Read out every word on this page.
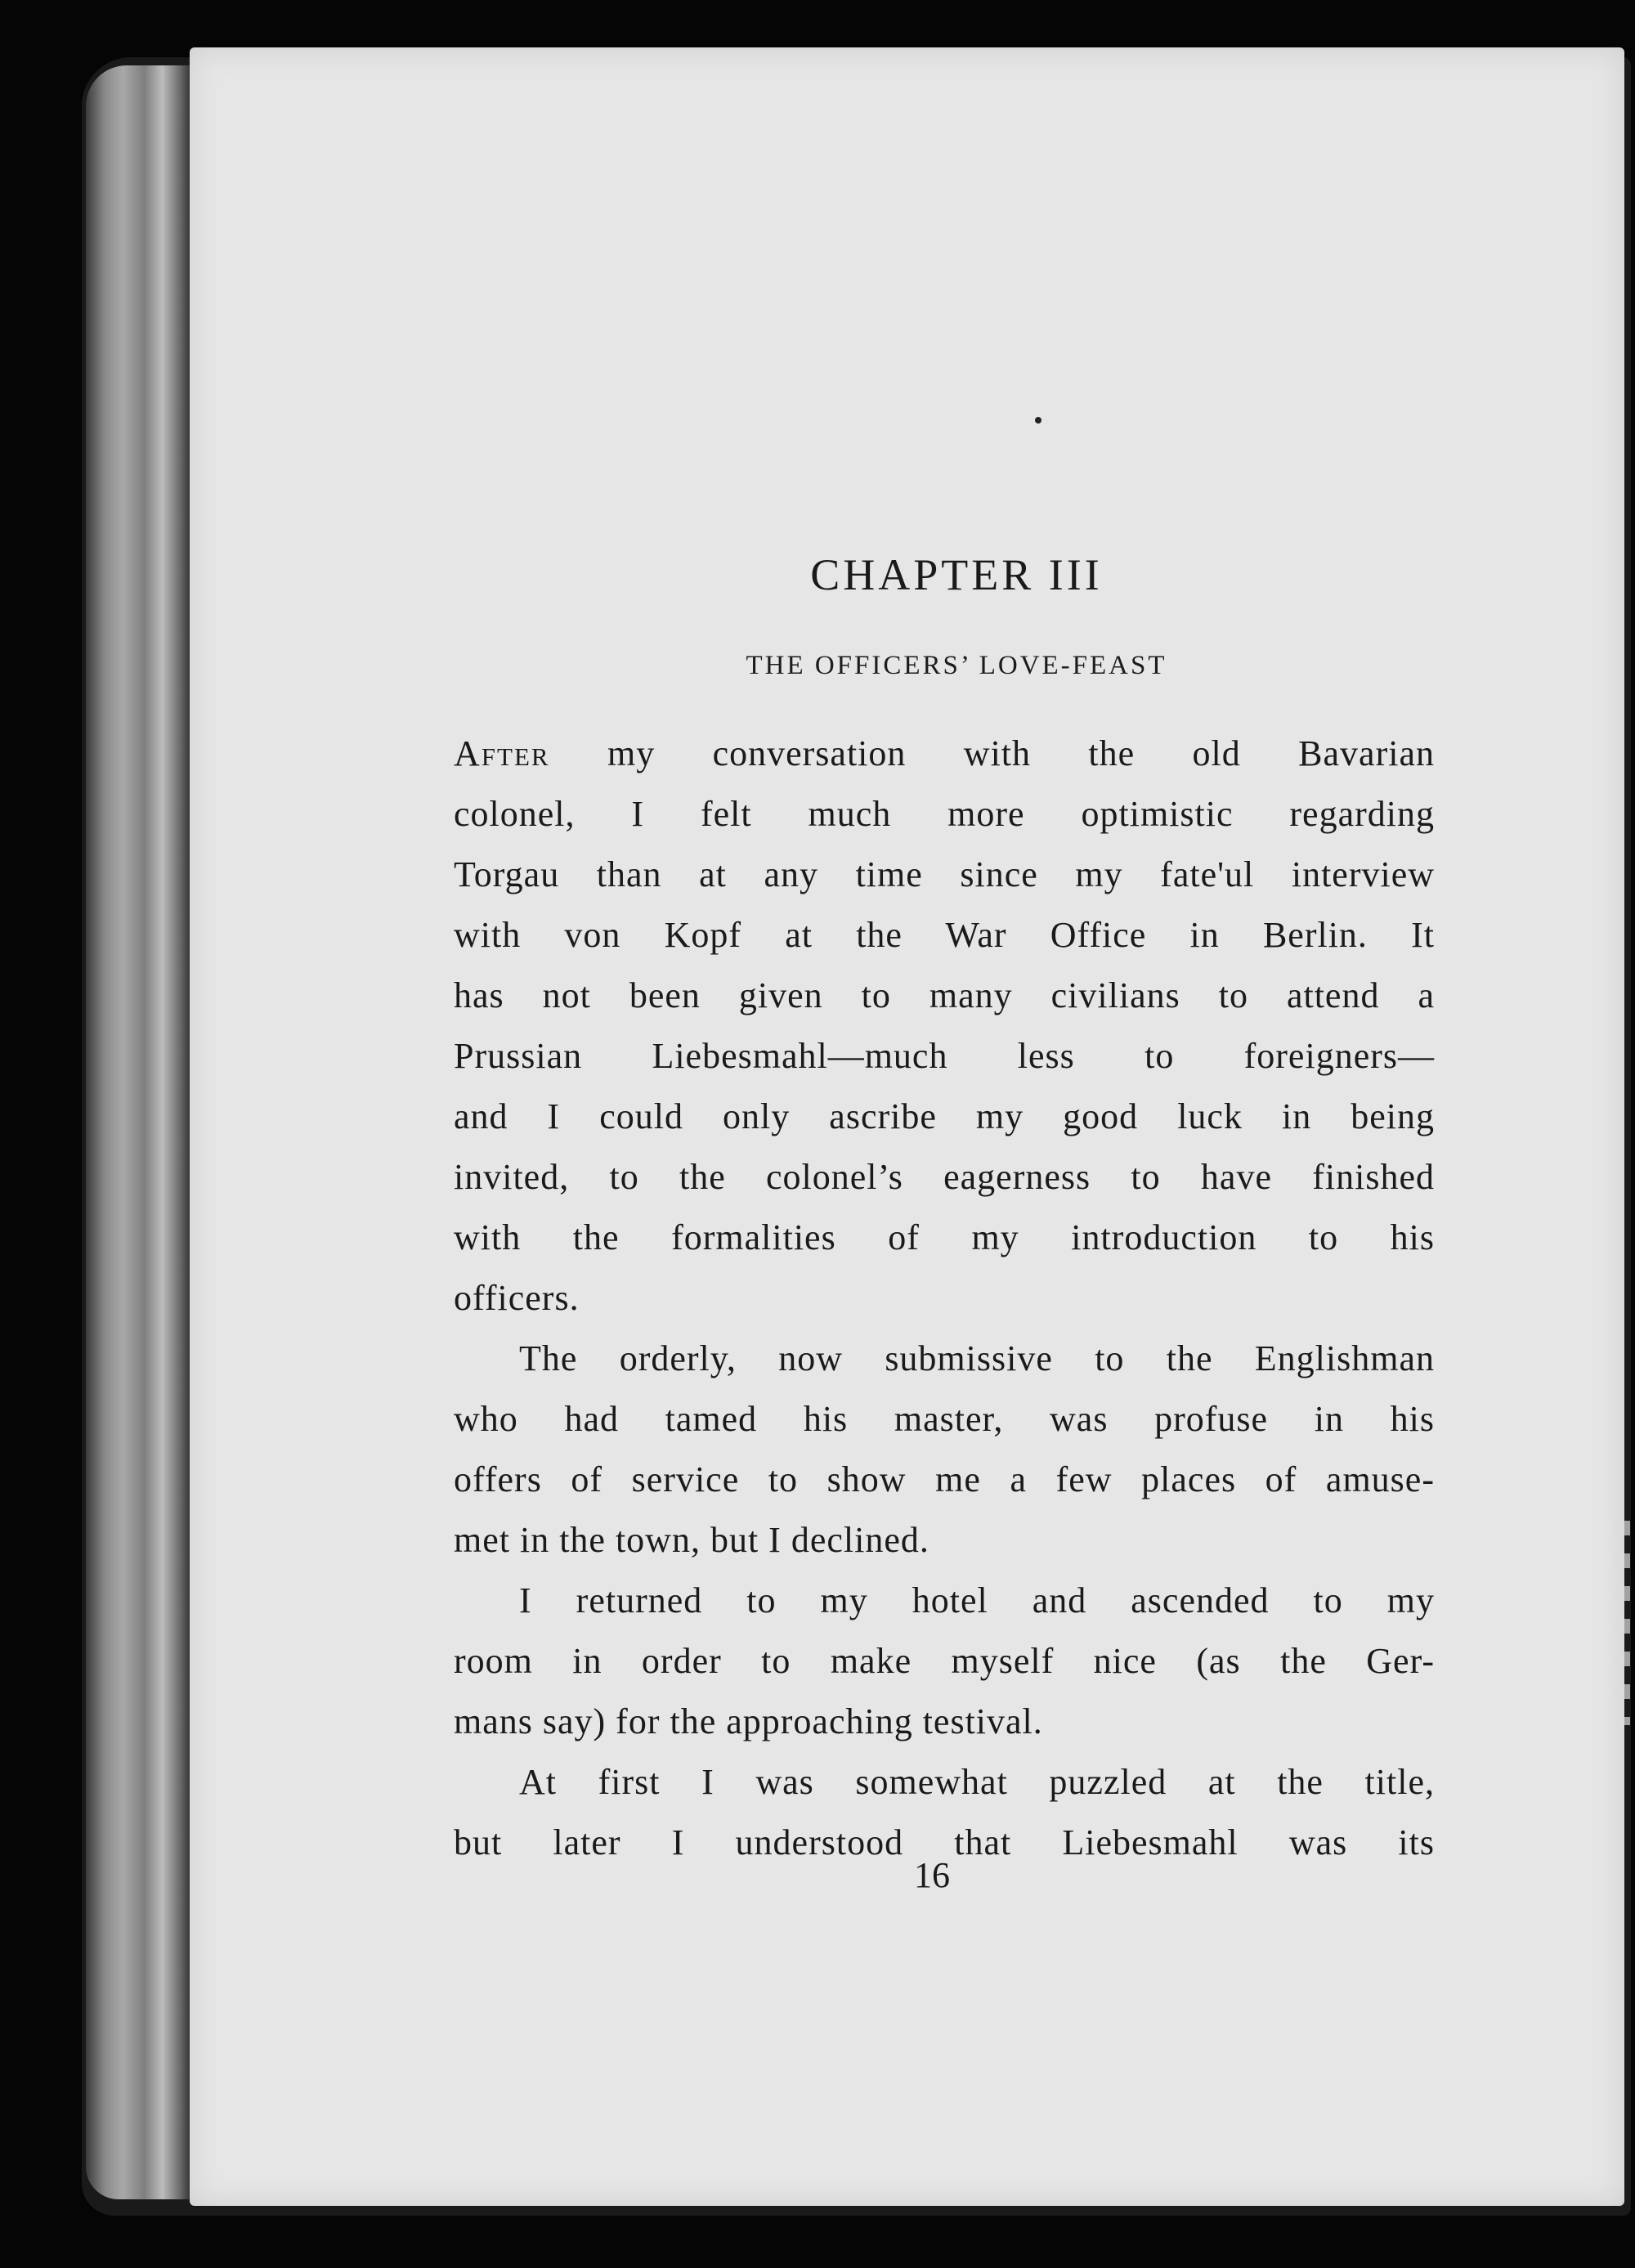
CHAPTER III
THE OFFICERS’ LOVE-FEAST
After my conversation with the old Bavarian
colonel, I felt much more optimistic regarding
Torgau than at any time since my fate'ul interview
with von Kopf at the War Office in Berlin. It
has not been given to many civilians to attend a
Prussian Liebesmahl—much less to foreigners—
and I could only ascribe my good luck in being
invited, to the colonel’s eagerness to have finished
with the formalities of my introduction to his
officers.
The orderly, now submissive to the Englishman
who had tamed his master, was profuse in his
offers of service to show me a few places of amuse-
met in the town, but I declined.
I returned to my hotel and ascended to my
room in order to make myself nice (as the Ger-
mans say) for the approaching testival.
At first I was somewhat puzzled at the title,
but later I understood that Liebesmahl was its
16
